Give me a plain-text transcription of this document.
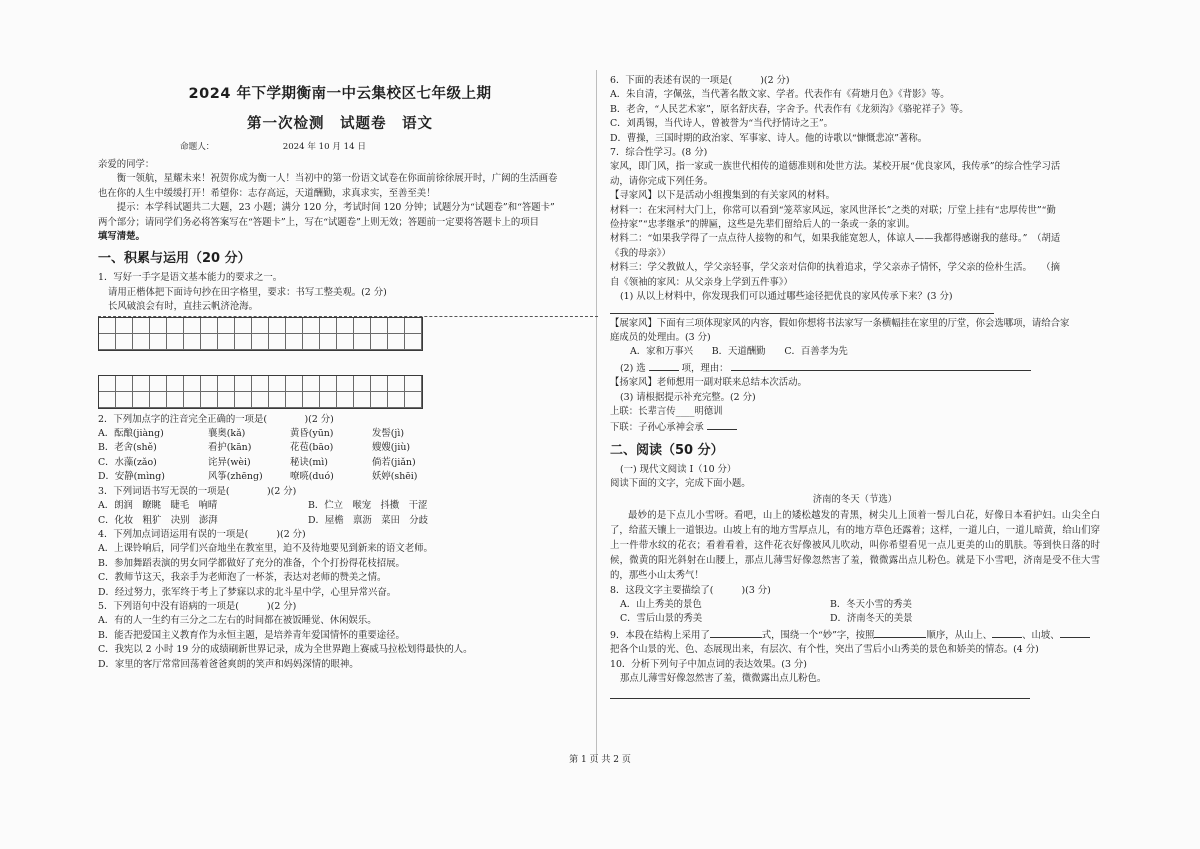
2024 年下学期衡南一中云集校区七年级上期
第一次检测　试题卷　语文
命题人：	2024 年 10 月 14 日
亲爱的同学：
　　衡一领航，星耀未来！祝贺你成为衡一人！当初中的第一份语文试卷在你面前徐徐展开时，广阔的生活画卷
也在你的人生中缓缓打开！希望你：志存高远，天道酬勤，求真求实，至善至美！
　　提示：本学科试题共二大题，23 小题；满分 120 分，考试时间 120 分钟；试题分为“试题卷”和“答题卡”
两个部分；请同学们务必将答案写在“答题卡”上，写在“试题卷”上则无效；答题前一定要将答题卡上的项目
填写清楚。
一、积累与运用（20 分）
1．写好一手字是语文基本能力的要求之一。
请用正楷体把下面诗句抄在田字格里，要求：书写工整美观。(2 分)
长风破浪会有时，直挂云帆济沧海。
2．下列加点字的注音完全正确的一项是(　　　　)(2 分)
A．酝酿(jiàng)	襄奥(kǎ)	黄昏(yūn)	发髻(jì)
B．老舍(shě)	看护(kān)	花苞(bāo)	嫂嫂(jiù)
C．水藻(zǎo)	诧异(wèi)	秘诀(mì)	倘若(jiǎn)
D．安静(mìng)	风筝(zhēng)	嘹喨(duó)	妖婷(shēi)
3．下列词语书写无误的一项是(　　　　)(2 分)
A．朗润　瞭眺　睫毛　响晴	B．伫立　喉宠　抖擞　干涩
C．化妆　粗犷　决别　澎湃	D．屋檐　禀沥　菜田　分歧
4．下列加点词语运用有误的一项是(　　　)(2 分)
A．上课铃响后，同学们兴奋地坐在教室里，迫不及待地要见到新来的语文老师。
B．参加舞蹈表演的男女同学都做好了充分的准备，个个打扮得花枝招展。
C．教师节这天，我亲手为老师泡了一杯茶，表达对老师的赞美之情。
D．经过努力，张军终于考上了梦寐以求的北斗星中学，心里异常兴奋。
5．下列语句中没有语病的一项是(　　　)(2 分)
A．有的人一生约有三分之二左右的时间都在被饭睡觉、休闲娱乐。
B．能否把爱国主义教育作为永恒主题，是培养青年爱国情怀的重要途径。
C．我宪以 2 小时 19 分的成绩刷新世界记录，成为全世界跑上赛威马拉松划得最快的人。
D．家里的客厅常常回荡着爸爸爽朗的笑声和妈妈深情的眼神。
6．下面的表述有误的一项是(　　　)(2 分)
A．朱自清，字佩弦，当代著名散文家、学者。代表作有《荷塘月色》《背影》等。
B．老舍，“人民艺术家”，原名舒庆春，字舍予。代表作有《龙须沟》《骆驼祥子》等。
C．刘禹锡，当代诗人，曾被誉为“当代抒情诗之王”。
D．曹操，三国时期的政治家、军事家、诗人。他的诗歌以“慷慨悲凉”著称。
7．综合性学习。(8 分)
家风，即门风，指一家或一族世代相传的道德准则和处世方法。某校开展“优良家风，我传承”的综合性学习活
动，请你完成下列任务。
【寻家风】以下是活动小组搜集到的有关家风的材料。
材料一：在宋河村大门上，你常可以看到“笼萃家风远，家风世泽长”之类的对联；厅堂上挂有“忠厚传世”“勤
俭持家”“忠孝继承”的牌匾，这些是先辈们留给后人的一条或一条的家训。
材料二：“如果我学得了一点点待人接物的和气，如果我能宽恕人，体谅人——我都得感谢我的慈母。”　（胡适
《我的母亲》）
材料三：学父教做人，学父亲轻事，学父亲对信仰的执着追求，学父亲赤子情怀，学父亲的俭朴生活。　　（摘
自《领袖的家风：从父亲身上学到五件事》）
(1) 从以上材料中，你发现我们可以通过哪些途径把优良的家风传承下来？(3 分)
【展家风】下面有三项体现家风的内容，假如你想将书法家写一条横幅挂在家里的厅堂，你会选哪项，请给合家
庭成员的处理由。(3 分)
A．家和万事兴　　 B．天道酬勤　　 C．百善孝为先
(2) 选	项，理由：
【扬家风】老师想用一副对联来总结本次活动。
(3) 请根据提示补充完整。(2 分)
上联：长辈言传____明德训
下联：子孙心承神会承
二、阅读（50 分）
(一) 现代文阅读 I（10 分）
阅读下面的文字，完成下面小题。
济南的冬天（节选）
最妙的是下点儿小雪呀。看吧，山上的矮松越发的青黑，树尖儿上顶着一髻儿白花，好像日本看护妇。山尖全白了，给蓝天镶上一道银边。山坡上有的地方雪厚点儿，有的地方草色还露着；这样，一道儿白，一道儿暗黄，给山们穿上一件带水纹的花衣；看着看着，这件花衣好像被风儿吹动，叫你希望看见一点儿更美的山的肌肤。等到快日落的时候，微黄的阳光斜射在山腰上，那点儿薄雪好像忽然害了羞，微微露出点儿粉色。就是下小雪吧，济南是受不住大雪的，那些小山太秀气！
8．这段文字主要描绘了(　　　)(3 分)
A．山上秀美的景色	B．冬天小雪的秀美
C．雪后山景的秀美	D．济南冬天的美景
9．本段在结构上采用了	式，围绕一个“妙”字，按照	顺序，从山上、	、山坡、
把各个山景的光、色、态展现出来，有层次、有个性，突出了雪后小山秀美的景色和娇美的情态。(4 分)
10．分析下列句子中加点词的表达效果。(3 分)
那点儿薄雪好像忽然害了羞，微微露出点儿粉色。
第 1 页 共 2 页
